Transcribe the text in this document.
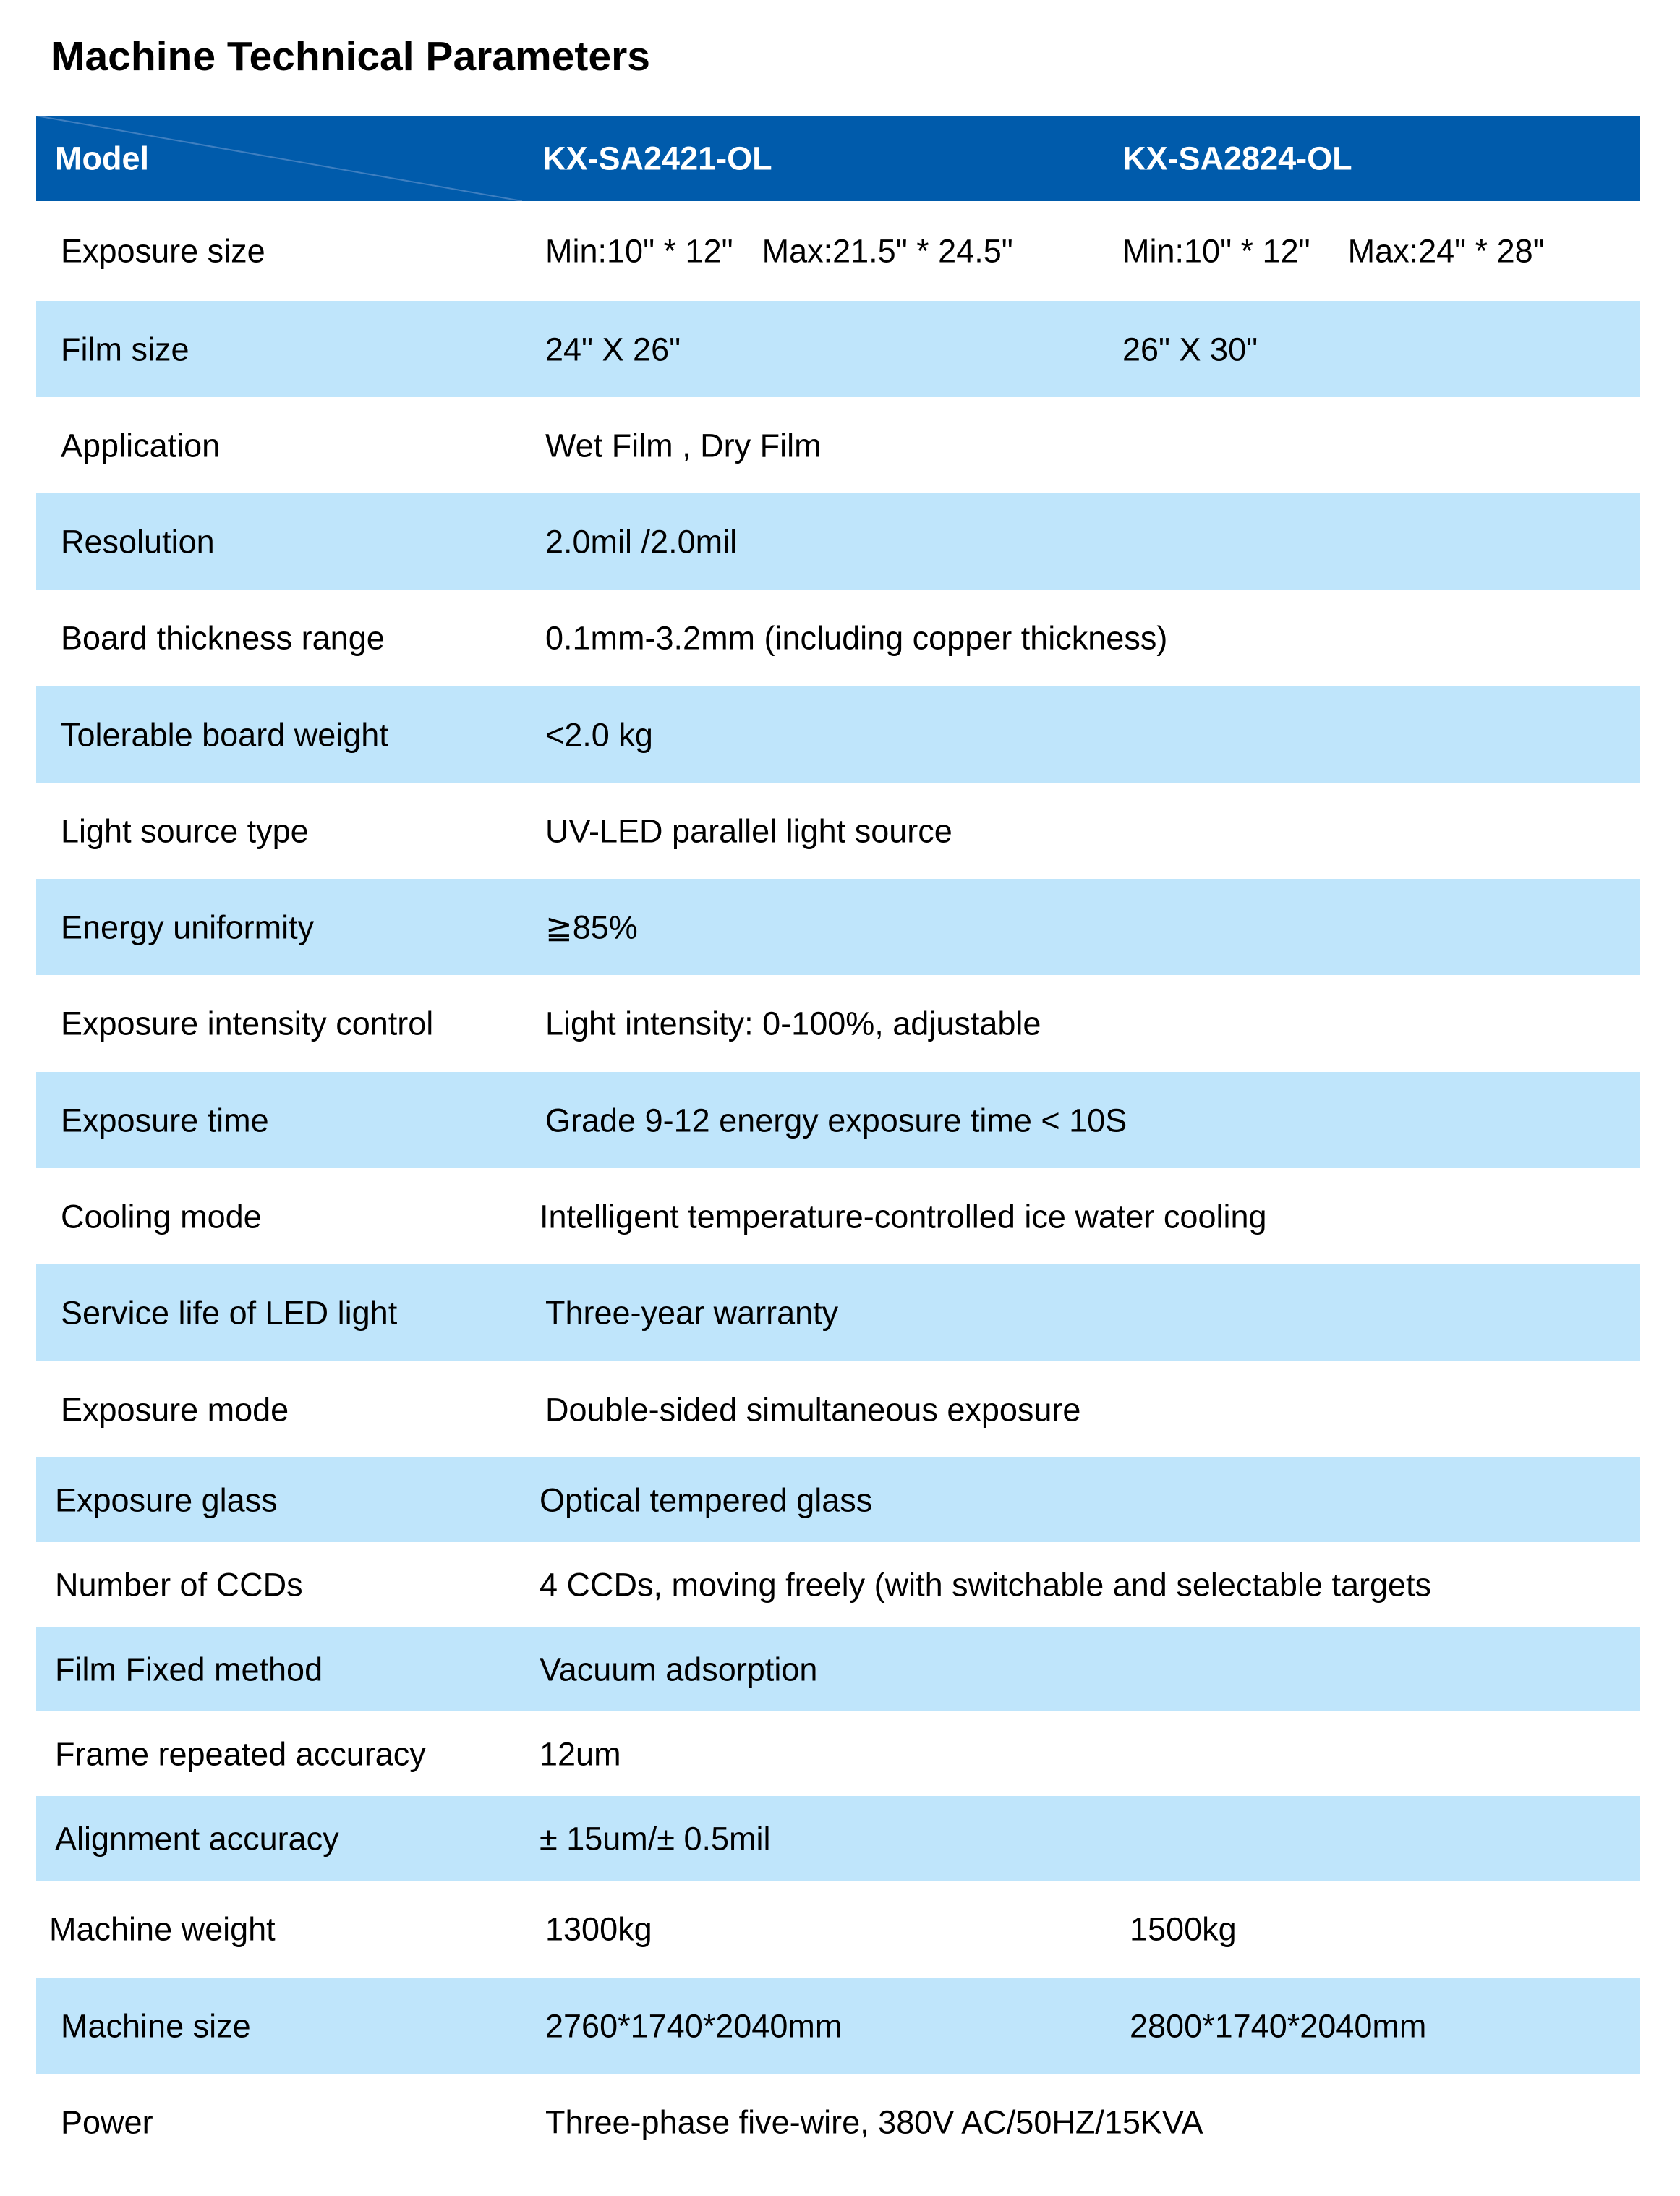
Machine Technical Parameters
Model	KX-SA2421-OL	KX-SA2824-OL
Exposure size	Min:10" * 12" Max:21.5" * 24.5"	Min:10" * 12" Max:24" * 28"
Film size	24" X 26"	26" X 30"
Application	Wet Film , Dry Film
Resolution	2.0mil /2.0mil
Board thickness range	0.1mm-3.2mm (including copper thickness)
Tolerable board weight	<2.0 kg
Light source type	UV-LED parallel light source
Energy uniformity	≧85%
Exposure intensity control	Light intensity: 0-100%, adjustable
Exposure time	Grade 9-12 energy exposure time < 10S
Cooling mode	Intelligent temperature-controlled ice water cooling
Service life of LED light	Three-year warranty
Exposure mode	Double-sided simultaneous exposure
Exposure glass	Optical tempered glass
Number of CCDs	4 CCDs, moving freely (with switchable and selectable targets
Film Fixed method	Vacuum adsorption
Frame repeated accuracy	12um
Alignment accuracy	± 15um/± 0.5mil
Machine weight	1300kg	1500kg
Machine size	2760*1740*2040mm	2800*1740*2040mm
Power	Three-phase five-wire, 380V AC/50HZ/15KVA
